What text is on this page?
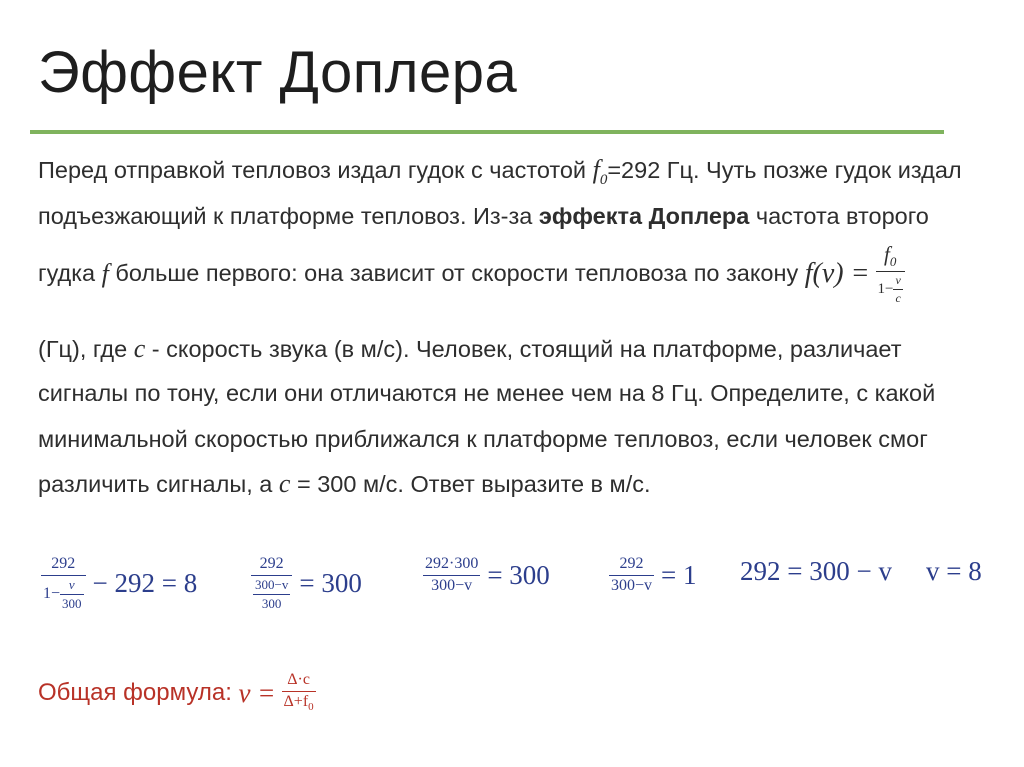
Эффект Доплера
Перед отправкой тепловоз издал гудок с частотой $f_0=292$ Гц. Чуть позже гудок издал
подъезжающий к платформе тепловоз. Из-за эффекта Доплера частота второго
гудка f больше первого: она зависит от скорости тепловоза по закону $f(v) = \frac{f_0}{1- \frac{v}{c}}$
(Гц), где c - скорость звука (в м/с). Человек, стоящий на платформе, различает
сигналы по тону, если они отличаются не менее чем на 8 Гц. Определите, с какой
минимальной скоростью приближался к платформе тепловоз, если человек смог
различить сигналы, а c = 300 м/с. Ответ выразите в м/с.
$\frac{292}{1- \frac{v}{300}} - 292 = 8$	$\frac{292}{\frac{300-v}{300}} = 300$	$\frac{292\cdot 300}{300-v} = 300$	$\frac{292}{300-v} = 1$ 292 = 300 − v v = 8
Общая формула: $v = \frac{\Delta\cdot c}{\Delta+f_0}$
